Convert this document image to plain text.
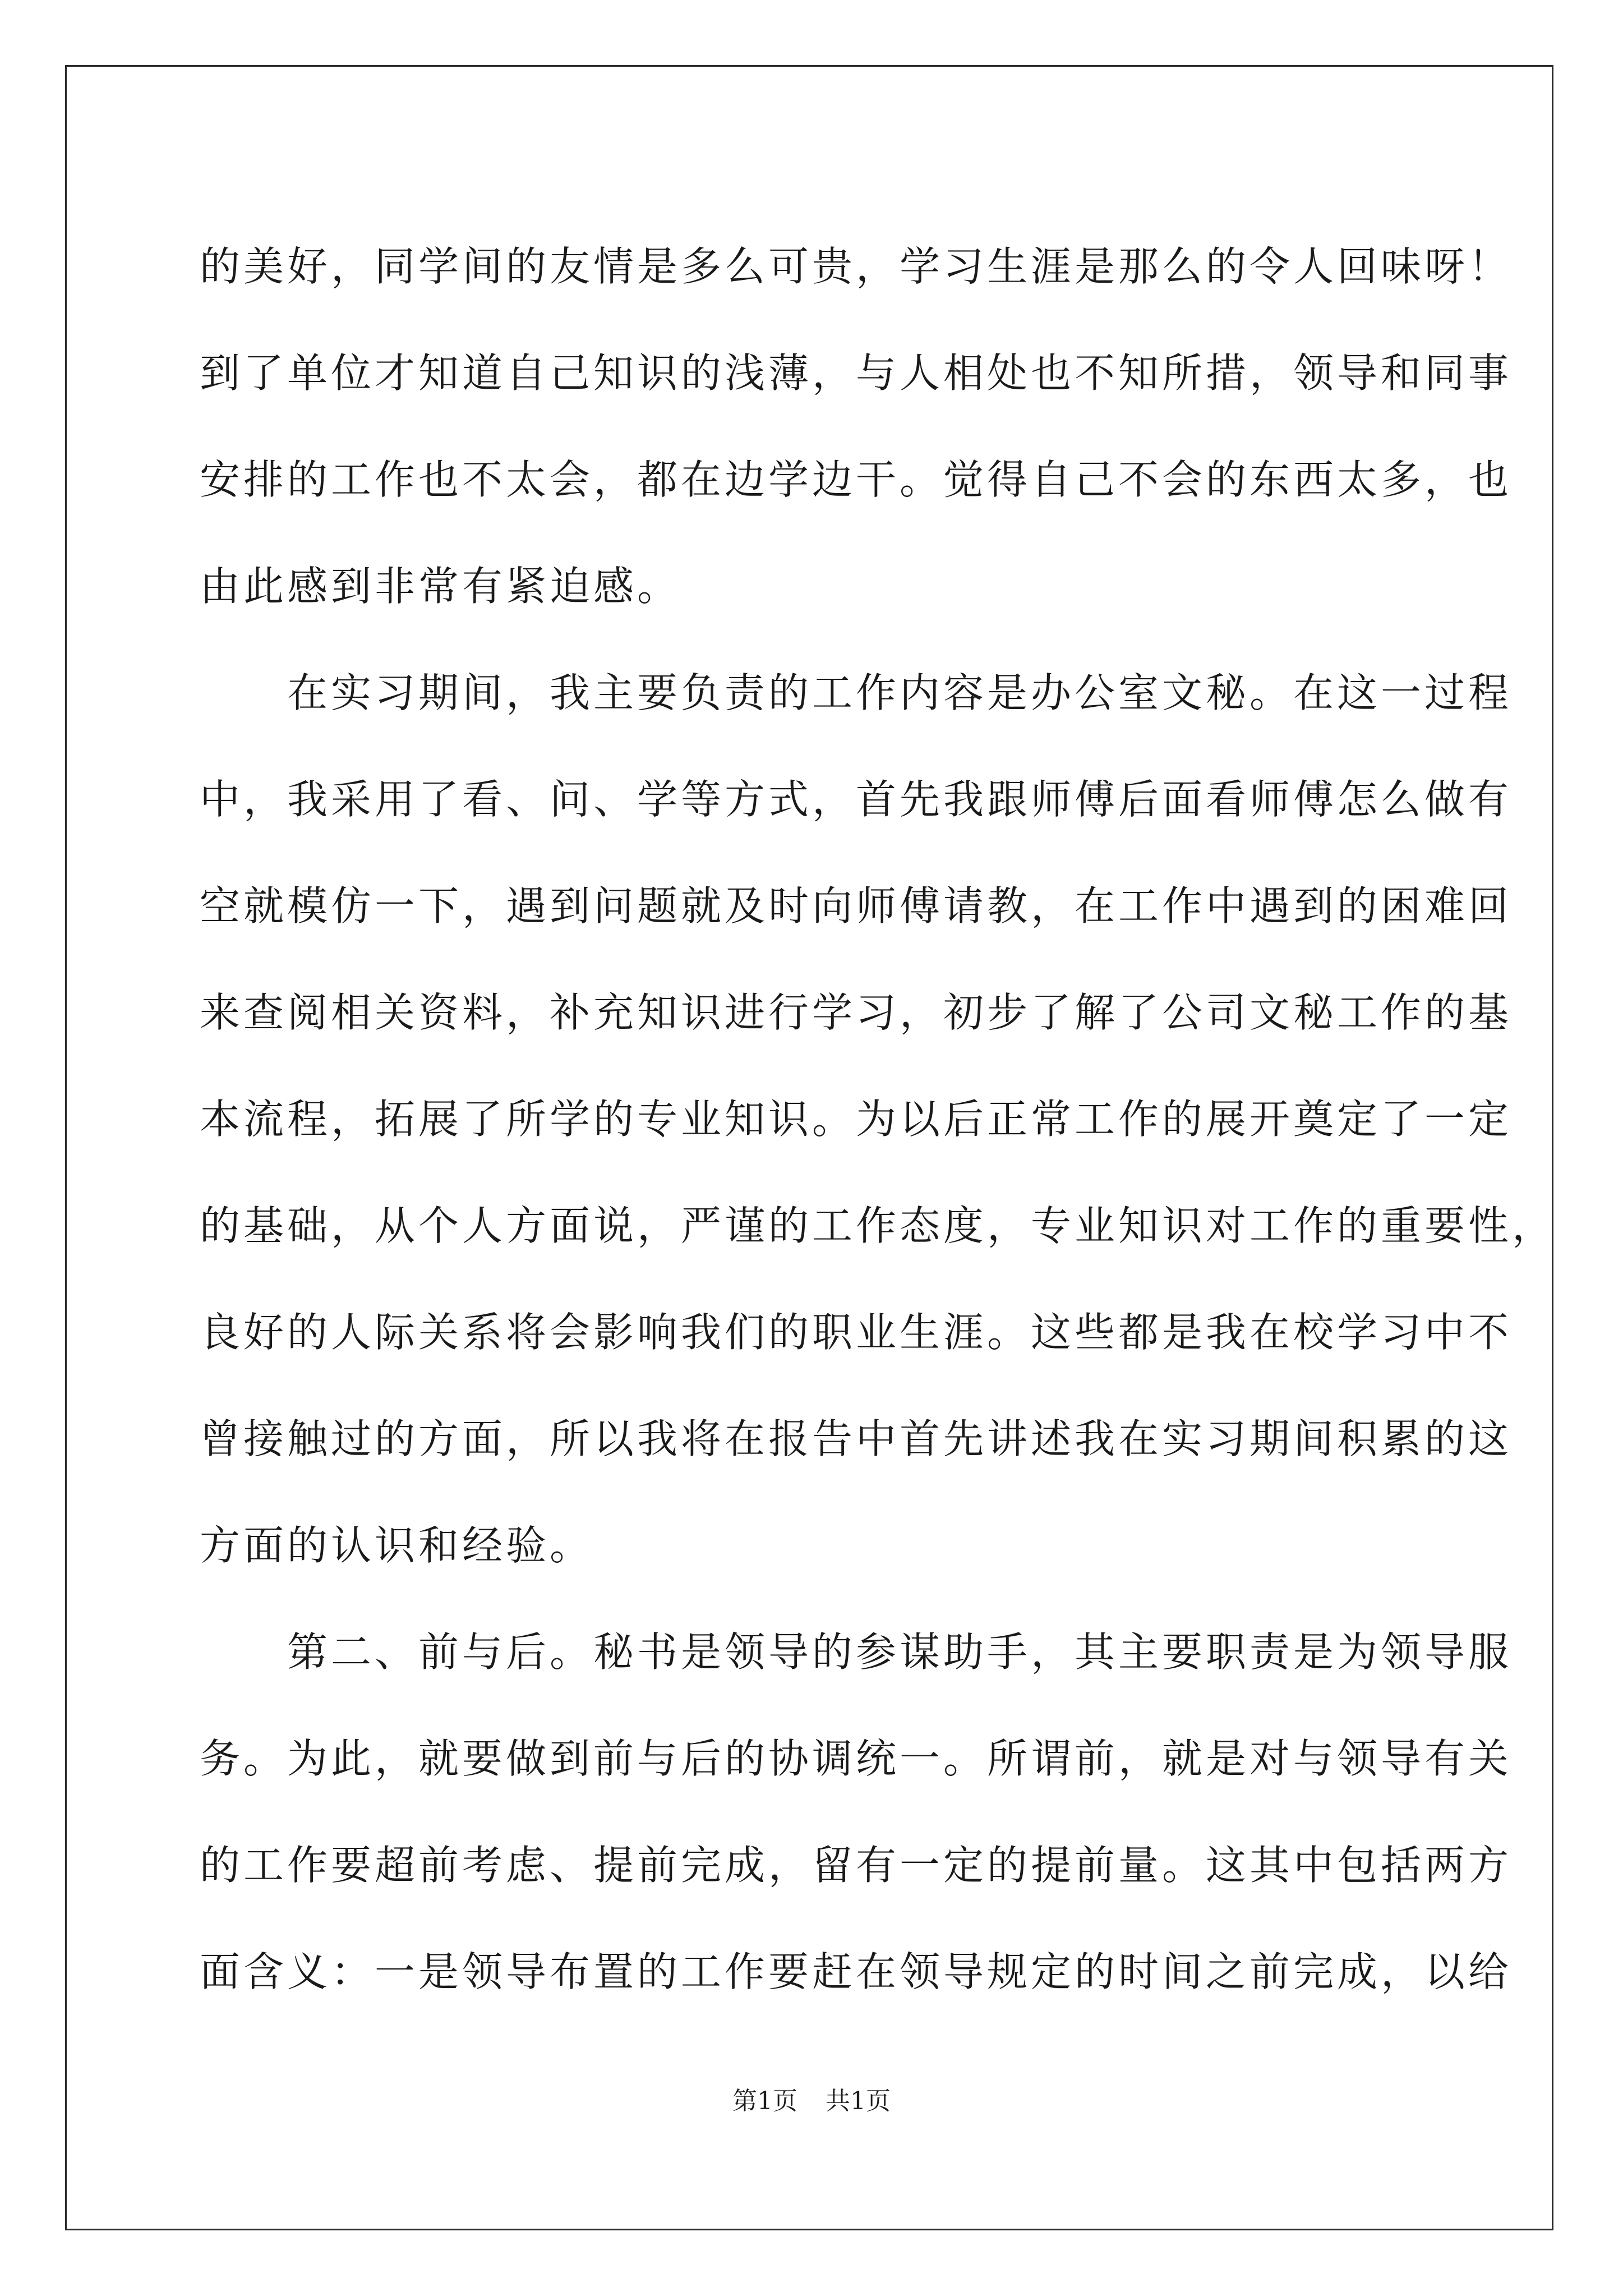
的美好，同学间的友情是多么可贵，学习生涯是那么的令人回味呀！
到了单位才知道自己知识的浅薄，与人相处也不知所措，领导和同事
安排的工作也不太会，都在边学边干。觉得自己不会的东西太多，也
由此感到非常有紧迫感。
　　在实习期间，我主要负责的工作内容是办公室文秘。在这一过程
中，我采用了看、问、学等方式，首先我跟师傅后面看师傅怎么做有
空就模仿一下，遇到问题就及时向师傅请教，在工作中遇到的困难回
来查阅相关资料，补充知识进行学习，初步了解了公司文秘工作的基
本流程，拓展了所学的专业知识。为以后正常工作的展开奠定了一定
的基础，从个人方面说，严谨的工作态度，专业知识对工作的重要性，
良好的人际关系将会影响我们的职业生涯。这些都是我在校学习中不
曾接触过的方面，所以我将在报告中首先讲述我在实习期间积累的这
方面的认识和经验。
　　第二、前与后。秘书是领导的参谋助手，其主要职责是为领导服
务。为此，就要做到前与后的协调统一。所谓前，就是对与领导有关
的工作要超前考虑、提前完成，留有一定的提前量。这其中包括两方
面含义：一是领导布置的工作要赶在领导规定的时间之前完成，以给
第1页 共1页
